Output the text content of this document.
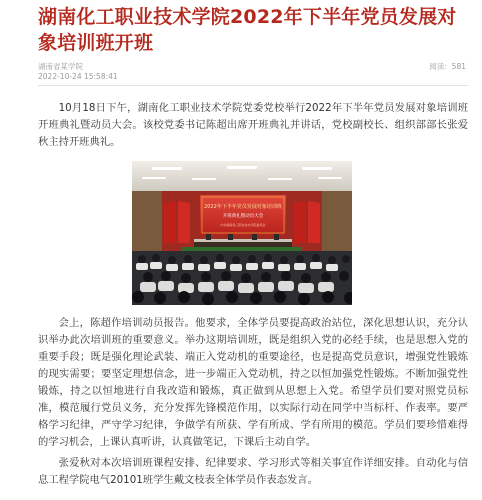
湖南化工职业技术学院2022年下半年党员发展对象培训班开班
湖南省某学院
2022-10-24 15:58:41
阅读：581

10月18日下午，湖南化工职业技术学院党委党校举行2022年下半年党员发展对象培训班开班典礼暨动员大会。该校党委书记陈超出席开班典礼并讲话，党校副校长、组织部部长张爱秋主持开班典礼。

2022年下半年党员发展对象培训班
开班典礼暨动员大会
中共湖南化工职业技术学院委员会

会上，陈超作培训动员报告。他要求，全体学员要提高政治站位，深化思想认识，充分认识举办此次培训班的重要意义。举办这期培训班，既是组织入党的必经手续，也是思想入党的重要手段；既是强化理论武装、端正入党动机的重要途径，也是提高党员意识，增强党性锻炼的现实需要；要坚定理想信念，进一步端正入党动机，持之以恒加强党性锻炼。不断加强党性锻炼，持之以恒地进行自我改造和锻炼，真正做到从思想上入党。希望学员们要对照党员标准，模范履行党员义务，充分发挥先锋模范作用，以实际行动在同学中当标杆、作表率。要严格学习纪律，严守学习纪律，争做学有所获、学有所成、学有所用的模范。学员们要珍惜难得的学习机会，上课认真听讲，认真做笔记，下课后主动自学。

张爱秋对本次培训班课程安排、纪律要求、学习形式等相关事宜作详细安排。自动化与信息工程学院电气20101班学生戴文枝表全体学员作表态发言。
